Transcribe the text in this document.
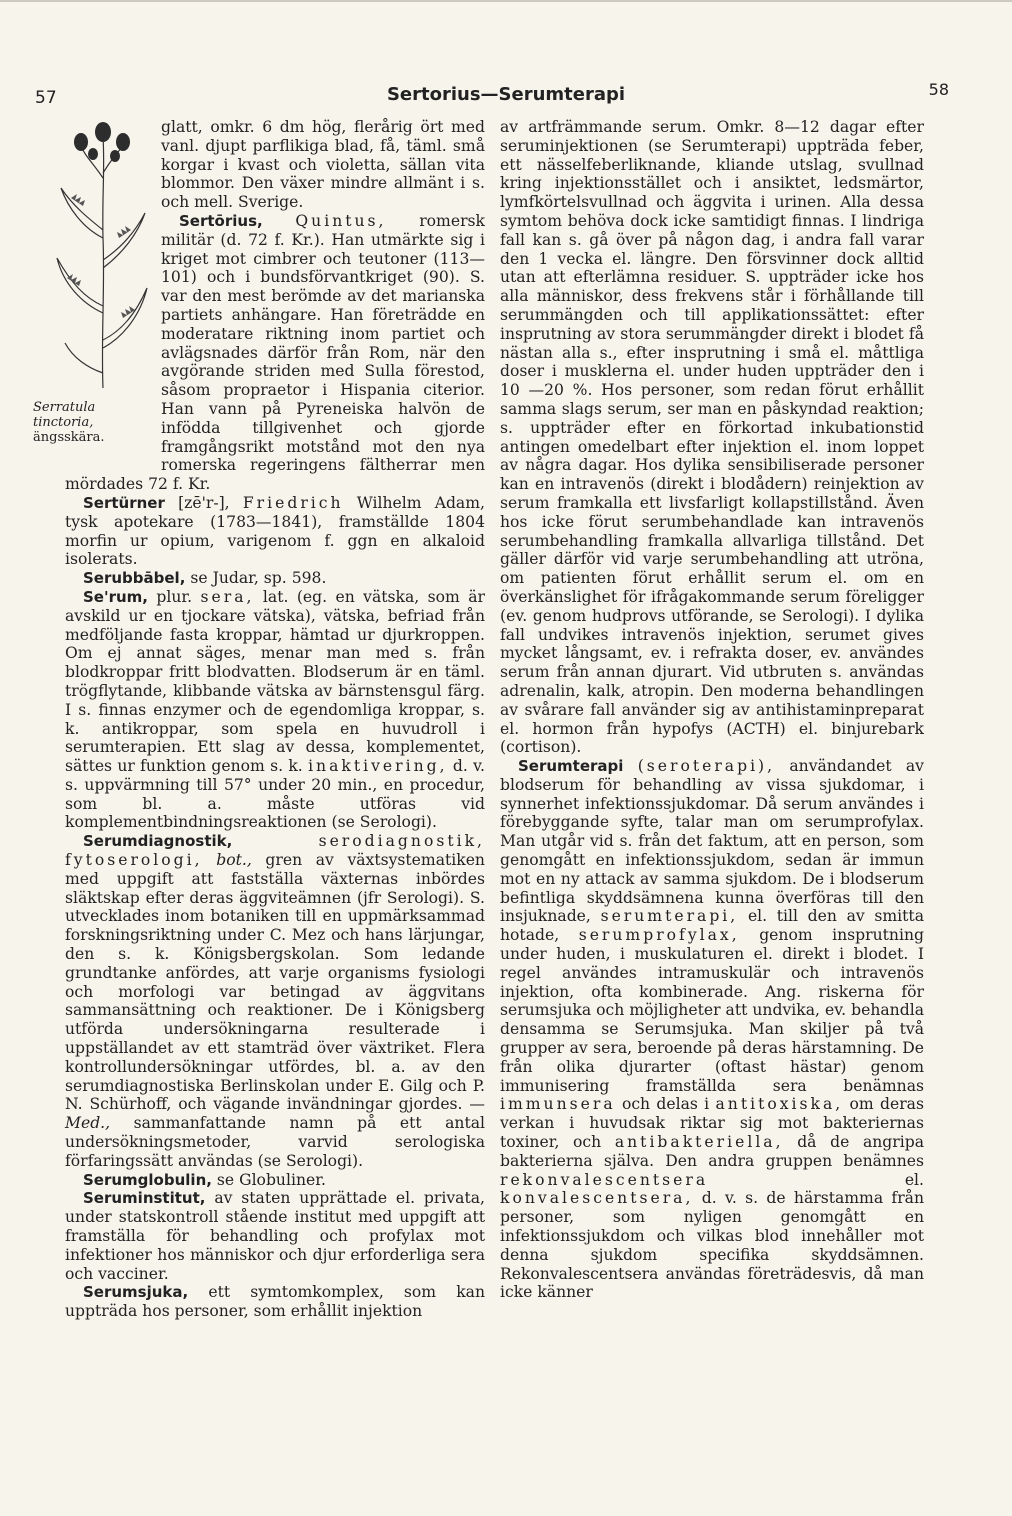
57	Sertorius—Serumterapi	58
Serratula
tinctoria,
ängsskära.

glatt, omkr. 6 dm hög, flerårig ört med vanl. djupt parflikiga blad, få, täml. små korgar i kvast och violetta, sällan vita blommor. Den växer mindre allmänt i s. och mell. Sverige.

Sertōrius, Quintus, romersk militär (d. 72 f. Kr.). Han utmärkte sig i kriget mot cimbrer och teutoner (113—101) och i bundsförvantkriget (90). S. var den mest berömde av det marianska partiets anhängare. Han företrädde en moderatare riktning inom partiet och avlägsnades därför från Rom, när den avgörande striden med Sulla förestod, såsom propraetor i Hispania citerior. Han vann på Pyreneiska halvön de infödda tillgivenhet och gjorde framgångsrikt motstånd mot den nya romerska regeringens fältherrar men mördades 72 f. Kr.

Sertürner [zē'r-], Friedrich Wilhelm Adam, tysk apotekare (1783—1841), framställde 1804 morfin ur opium, varigenom f. ggn en alkaloid isolerats.

Serubbābel, se Judar, sp. 598.

Se'rum, plur. sera, lat. (eg. en vätska, som är avskild ur en tjockare vätska), vätska, befriad från medföljande fasta kroppar, hämtad ur djurkroppen. Om ej annat säges, menar man med s. från blodkroppar fritt blodvatten. Blodserum är en täml. trögflytande, klibbande vätska av bärnstensgul färg. I s. finnas enzymer och de egendomliga kroppar, s. k. antikroppar, som spela en huvudroll i serumterapien. Ett slag av dessa, komplementet, sättes ur funktion genom s. k. inaktivering, d. v. s. uppvärmning till 57° under 20 min., en procedur, som bl. a. måste utföras vid komplementbindningsreaktionen (se Serologi).

Serumdiagnostik,	serodiagnostik, fytoserologi, bot., gren av växtsystematiken med uppgift att fastställa växternas inbördes släktskap efter deras äggviteämnen (jfr Serologi). S. utvecklades inom botaniken till en uppmärksammad forskningsriktning under C. Mez och hans lärjungar, den s. k. Königsbergskolan. Som ledande grundtanke anfördes, att varje organisms fysiologi och morfologi var betingad av äggvitans sammansättning och reaktioner. De i Königsberg utförda undersökningarna resulterade i uppställandet av ett stamträd över växtriket. Flera kontrollundersökningar utfördes, bl. a. av den serumdiagnostiska Berlinskolan under E. Gilg och P. N. Schürhoff, och vägande invändningar gjordes. — Med., sammanfattande namn på ett antal undersökningsmetoder, varvid serologiska förfaringssätt användas (se Serologi).

Serumglobulin, se Globuliner.

Seruminstitut, av staten upprättade el. privata, under statskontroll stående institut med uppgift att framställa för behandling och profylax mot infektioner hos människor och djur erforderliga sera och vacciner.

Serumsjuka, ett symtomkomplex, som kan uppträda hos personer, som erhållit injektion

av artfrämmande serum. Omkr. 8—12 dagar efter seruminjektionen (se Serumterapi) uppträda feber, ett nässelfeberliknande, kliande utslag, svullnad kring injektionsstället och i ansiktet, ledsmärtor, lymfkörtelsvullnad och äggvita i urinen. Alla dessa symtom behöva dock icke samtidigt finnas. I lindriga fall kan s. gå över på någon dag, i andra fall varar den 1 vecka el. längre. Den försvinner dock alltid utan att efterlämna residuer. S. uppträder icke hos alla människor, dess frekvens står i förhållande till serummängden och till applikationssättet: efter insprutning av stora serummängder direkt i blodet få nästan alla s., efter insprutning i små el. måttliga doser i musklerna el. under huden uppträder den i 10 —20 %. Hos personer, som redan förut erhållit samma slags serum, ser man en påskyndad reaktion; s. uppträder efter en förkortad inkubationstid antingen omedelbart efter injektion el. inom loppet av några dagar. Hos dylika sensibiliserade personer kan en intravenös (direkt i blodådern) reinjektion av serum framkalla ett livsfarligt kollapstillstånd. Även hos icke förut serumbehandlade kan intravenös serumbehandling framkalla allvarliga tillstånd. Det gäller därför vid varje serumbehandling att utröna, om patienten förut erhållit serum el. om en överkänslighet för ifrågakommande serum föreligger (ev. genom hudprovs utförande, se Serologi). I dylika fall undvikes intravenös injektion, serumet gives mycket långsamt, ev. i refrakta doser, ev. användes serum från annan djurart. Vid utbruten s. användas adrenalin, kalk, atropin. Den moderna behandlingen av svårare fall använder sig av antihistaminpreparat el. hormon från hypofys (ACTH) el. binjurebark (cortison).

Serumterapi (seroterapi), användandet av blodserum för behandling av vissa sjukdomar, i synnerhet infektionssjukdomar. Då serum användes i förebyggande syfte, talar man om serumprofylax. Man utgår vid s. från det faktum, att en person, som genomgått en infektionssjukdom, sedan är immun mot en ny attack av samma sjukdom. De i blodserum befintliga skyddsämnena kunna överföras till den insjuknade, serumterapi, el. till den av smitta hotade, serumprofylax, genom insprutning under huden, i muskulaturen el. direkt i blodet. I regel användes intramuskulär och intravenös injektion, ofta kombinerade. Ang. riskerna för serumsjuka och möjligheter att undvika, ev. behandla densamma se Serumsjuka. Man skiljer på två grupper av sera, beroende på deras härstamning. De från olika djurarter (oftast hästar) genom immunisering framställda sera benämnas immunsera och delas i antitoxiska, om deras verkan i huvudsak riktar sig mot bakteriernas toxiner, och antibakteriella, då de angripa bakterierna själva. Den andra gruppen benämnes rekonvalescentsera	el. konvalescentsera, d. v. s. de härstamma från personer, som nyligen genomgått en infektionssjukdom och vilkas blod innehåller mot denna sjukdom specifika skyddsämnen. Rekonvalescentsera användas företrädesvis, då man icke känner
